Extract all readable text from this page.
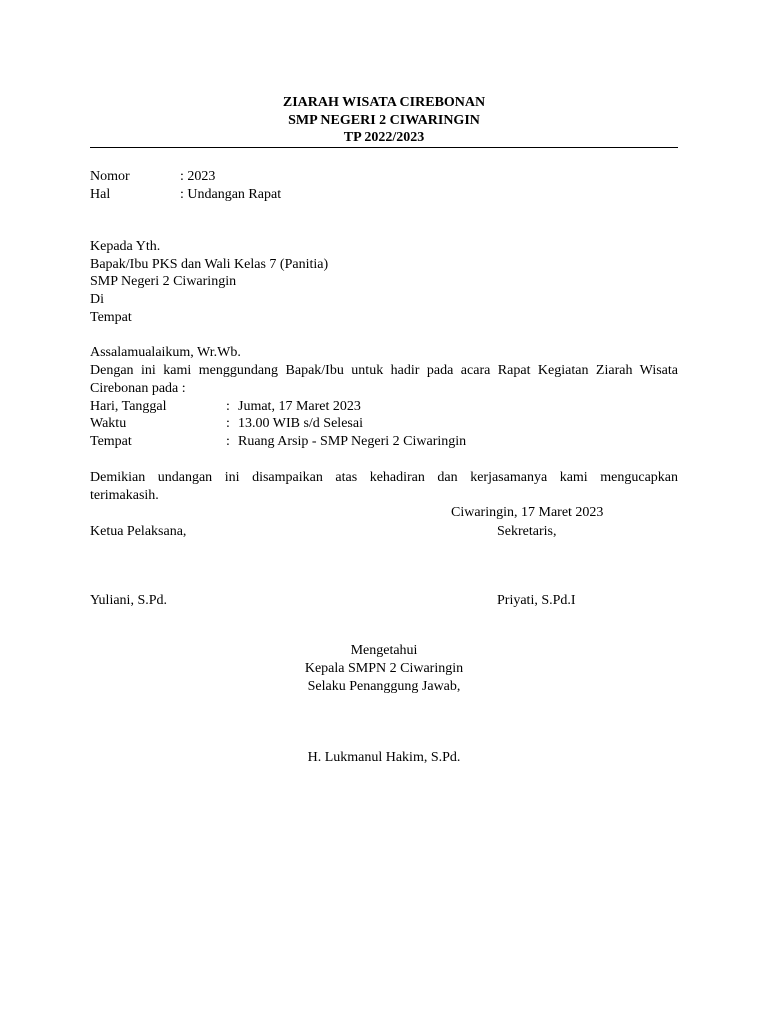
ZIARAH WISATA CIREBONAN
SMP NEGERI 2 CIWARINGIN
TP 2022/2023
Nomor	: 2023
Hal	: Undangan Rapat
Kepada Yth.
Bapak/Ibu PKS dan Wali Kelas 7 (Panitia)
SMP Negeri 2 Ciwaringin
Di
Tempat
Assalamualaikum, Wr.Wb.
Dengan ini kami menggundang Bapak/Ibu untuk hadir pada acara Rapat Kegiatan Ziarah Wisata
Cirebonan pada :
Hari, Tanggal	: Jumat, 17 Maret 2023
Waktu	: 13.00 WIB s/d Selesai
Tempat	: Ruang Arsip - SMP Negeri 2 Ciwaringin
Demikian undangan ini disampaikan atas kehadiran dan kerjasamanya kami mengucapkan
terimakasih.
Ciwaringin, 17 Maret 2023
Ketua Pelaksana,	Sekretaris,
Yuliani, S.Pd.	Priyati, S.Pd.I
Mengetahui
Kepala SMPN 2 Ciwaringin
Selaku Penanggung Jawab,
H. Lukmanul Hakim, S.Pd.
